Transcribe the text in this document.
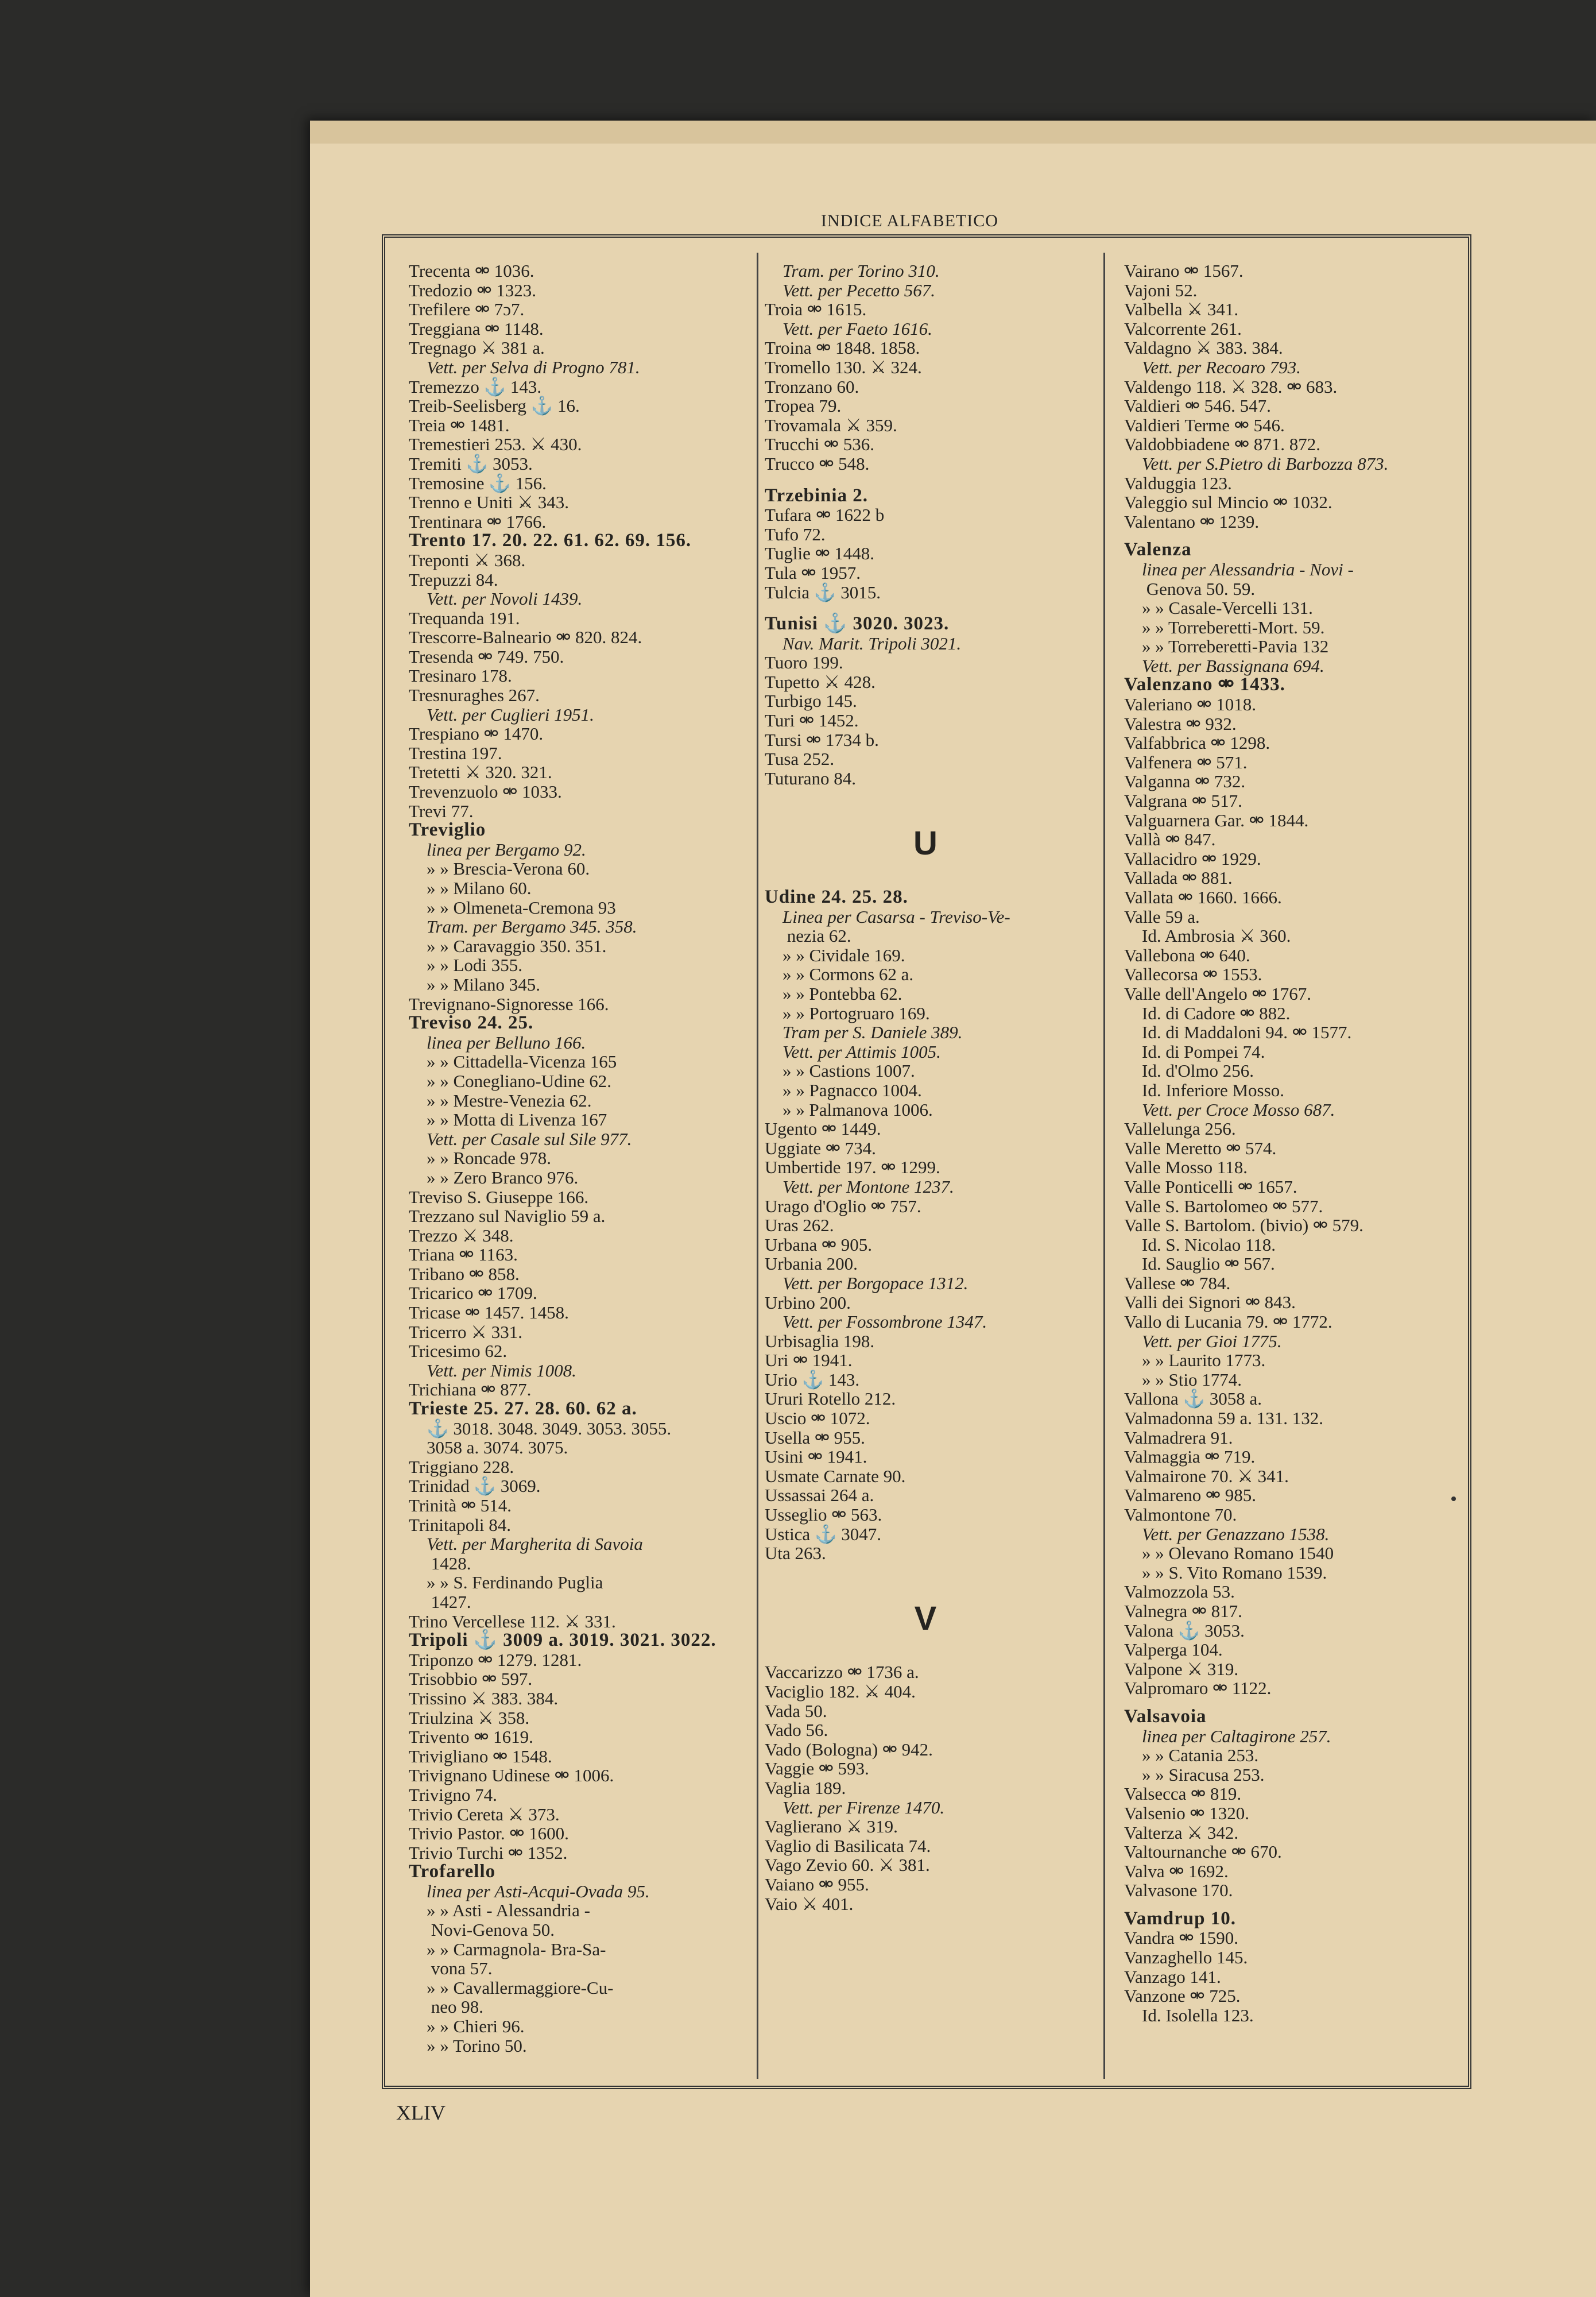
INDICE ALFABETICO
Trecenta ⚮ 1036.
Tredozio ⚮ 1323.
Trefilere ⚮ 7ɔ7.
Treggiana ⚮ 1148.
Tregnago ⚔ 381 a.
 Vett. per Selva di Progno 781.
Tremezzo ⚓ 143.
Treib-Seelisberg ⚓ 16.
Treia ⚮ 1481.
Tremestieri 253. ⚔ 430.
Tremiti ⚓ 3053.
Tremosine ⚓ 156.
Trenno e Uniti ⚔ 343.
Trentinara ⚮ 1766.
Trento 17. 20. 22. 61. 62. 69. 156.
Treponti ⚔ 368.
Trepuzzi 84.
 Vett. per Novoli 1439.
Trequanda 191.
Trescorre-Balneario ⚮ 820. 824.
Tresenda ⚮ 749. 750.
Tresinaro 178.
Tresnuraghes 267.
 Vett. per Cuglieri 1951.
Trespiano ⚮ 1470.
Trestina 197.
Tretetti ⚔ 320. 321.
Trevenzuolo ⚮ 1033.
Trevi 77.
Treviglio
 linea per Bergamo 92.
 » » Brescia-Verona 60.
 » » Milano 60.
 » » Olmeneta-Cremona 93
 Tram. per Bergamo 345. 358.
 » » Caravaggio 350. 351.
 » » Lodi 355.
 » » Milano 345.
Trevignano-Signoresse 166.
Treviso 24. 25.
 linea per Belluno 166.
 » » Cittadella-Vicenza 165
 » » Conegliano-Udine 62.
 » » Mestre-Venezia 62.
 » » Motta di Livenza 167
 Vett. per Casale sul Sile 977.
 » » Roncade 978.
 » » Zero Branco 976.
Treviso S. Giuseppe 166.
Trezzano sul Naviglio 59 a.
Trezzo ⚔ 348.
Triana ⚮ 1163.
Tribano ⚮ 858.
Tricarico ⚮ 1709.
Tricase ⚮ 1457. 1458.
Tricerro ⚔ 331.
Tricesimo 62.
 Vett. per Nimis 1008.
Trichiana ⚮ 877.
Trieste 25. 27. 28. 60. 62 a.
 ⚓ 3018. 3048. 3049. 3053. 3055.
 3058 a. 3074. 3075.
Triggiano 228.
Trinidad ⚓ 3069.
Trinità ⚮ 514.
Trinitapoli 84.
 Vett. per Margherita di Savoia
  1428.
 » » S. Ferdinando Puglia
  1427.
Trino Vercellese 112. ⚔ 331.
Tripoli ⚓ 3009 a. 3019. 3021. 3022.
Triponzo ⚮ 1279. 1281.
Trisobbio ⚮ 597.
Trissino ⚔ 383. 384.
Triulzina ⚔ 358.
Trivento ⚮ 1619.
Trivigliano ⚮ 1548.
Trivignano Udinese ⚮ 1006.
Trivigno 74.
Trivio Cereta ⚔ 373.
Trivio Pastor. ⚮ 1600.
Trivio Turchi ⚮ 1352.
Trofarello
 linea per Asti-Acqui-Ovada 95.
 » » Asti - Alessandria -
  Novi-Genova 50.
 » » Carmagnola- Bra-Sa-
  vona 57.
 » » Cavallermaggiore-Cu-
  neo 98.
 » » Chieri 96.
 » » Torino 50.
 Tram. per Torino 310.
 Vett. per Pecetto 567.
Troia ⚮ 1615.
 Vett. per Faeto 1616.
Troina ⚮ 1848. 1858.
Tromello 130. ⚔ 324.
Tronzano 60.
Tropea 79.
Trovamala ⚔ 359.
Trucchi ⚮ 536.
Trucco ⚮ 548.
Trzebinia 2.
Tufara ⚮ 1622 b
Tufo 72.
Tuglie ⚮ 1448.
Tula ⚮ 1957.
Tulcia ⚓ 3015.
Tunisi ⚓ 3020. 3023.
 Nav. Marit. Tripoli 3021.
Tuoro 199.
Tupetto ⚔ 428.
Turbigo 145.
Turi ⚮ 1452.
Tursi ⚮ 1734 b.
Tusa 252.
Tuturano 84.
U
Udine 24. 25. 28.
 Linea per Casarsa - Treviso-Ve-
  nezia 62.
 » » Cividale 169.
 » » Cormons 62 a.
 » » Pontebba 62.
 » » Portogruaro 169.
 Tram per S. Daniele 389.
 Vett. per Attimis 1005.
 » » Castions 1007.
 » » Pagnacco 1004.
 » » Palmanova 1006.
Ugento ⚮ 1449.
Uggiate ⚮ 734.
Umbertide 197. ⚮ 1299.
 Vett. per Montone 1237.
Urago d'Oglio ⚮ 757.
Uras 262.
Urbana ⚮ 905.
Urbania 200.
 Vett. per Borgopace 1312.
Urbino 200.
 Vett. per Fossombrone 1347.
Urbisaglia 198.
Uri ⚮ 1941.
Urio ⚓ 143.
Ururi Rotello 212.
Uscio ⚮ 1072.
Usella ⚮ 955.
Usini ⚮ 1941.
Usmate Carnate 90.
Ussassai 264 a.
Usseglio ⚮ 563.
Ustica ⚓ 3047.
Uta 263.
V
Vaccarizzo ⚮ 1736 a.
Vaciglio 182. ⚔ 404.
Vada 50.
Vado 56.
Vado (Bologna) ⚮ 942.
Vaggie ⚮ 593.
Vaglia 189.
 Vett. per Firenze 1470.
Vaglierano ⚔ 319.
Vaglio di Basilicata 74.
Vago Zevio 60. ⚔ 381.
Vaiano ⚮ 955.
Vaio ⚔ 401.
Vairano ⚮ 1567.
Vajoni 52.
Valbella ⚔ 341.
Valcorrente 261.
Valdagno ⚔ 383. 384.
 Vett. per Recoaro 793.
Valdengo 118. ⚔ 328. ⚮ 683.
Valdieri ⚮ 546. 547.
Valdieri Terme ⚮ 546.
Valdobbiadene ⚮ 871. 872.
 Vett. per S.Pietro di Barbozza 873.
Valduggia 123.
Valeggio sul Mincio ⚮ 1032.
Valentano ⚮ 1239.
Valenza
 linea per Alessandria - Novi -
  Genova 50. 59.
 » » Casale-Vercelli 131.
 » » Torreberetti-Mort. 59.
 » » Torreberetti-Pavia 132
 Vett. per Bassignana 694.
Valenzano ⚮ 1433.
Valeriano ⚮ 1018.
Valestra ⚮ 932.
Valfabbrica ⚮ 1298.
Valfenera ⚮ 571.
Valganna ⚮ 732.
Valgrana ⚮ 517.
Valguarnera Gar. ⚮ 1844.
Vallà ⚮ 847.
Vallacidro ⚮ 1929.
Vallada ⚮ 881.
Vallata ⚮ 1660. 1666.
Valle 59 a.
 Id. Ambrosia ⚔ 360.
Vallebona ⚮ 640.
Vallecorsa ⚮ 1553.
Valle dell'Angelo ⚮ 1767.
 Id. di Cadore ⚮ 882.
 Id. di Maddaloni 94. ⚮ 1577.
 Id. di Pompei 74.
 Id. d'Olmo 256.
 Id. Inferiore Mosso.
 Vett. per Croce Mosso 687.
Vallelunga 256.
Valle Meretto ⚮ 574.
Valle Mosso 118.
Valle Ponticelli ⚮ 1657.
Valle S. Bartolomeo ⚮ 577.
Valle S. Bartolom. (bivio) ⚮ 579.
 Id. S. Nicolao 118.
 Id. Sauglio ⚮ 567.
Vallese ⚮ 784.
Valli dei Signori ⚮ 843.
Vallo di Lucania 79. ⚮ 1772.
 Vett. per Gioi 1775.
 » » Laurito 1773.
 » » Stio 1774.
Vallona ⚓ 3058 a.
Valmadonna 59 a. 131. 132.
Valmadrera 91.
Valmaggia ⚮ 719.
Valmairone 70. ⚔ 341.
Valmareno ⚮ 985.
Valmontone 70.
 Vett. per Genazzano 1538.
 » » Olevano Romano 1540
 » » S. Vito Romano 1539.
Valmozzola 53.
Valnegra ⚮ 817.
Valona ⚓ 3053.
Valperga 104.
Valpone ⚔ 319.
Valpromaro ⚮ 1122.
Valsavoia
 linea per Caltagirone 257.
 » » Catania 253.
 » » Siracusa 253.
Valsecca ⚮ 819.
Valsenio ⚮ 1320.
Valterza ⚔ 342.
Valtournanche ⚮ 670.
Valva ⚮ 1692.
Valvasone 170.
Vamdrup 10.
Vandra ⚮ 1590.
Vanzaghello 145.
Vanzago 141.
Vanzone ⚮ 725.
 Id. Isolella 123.
XLIV
